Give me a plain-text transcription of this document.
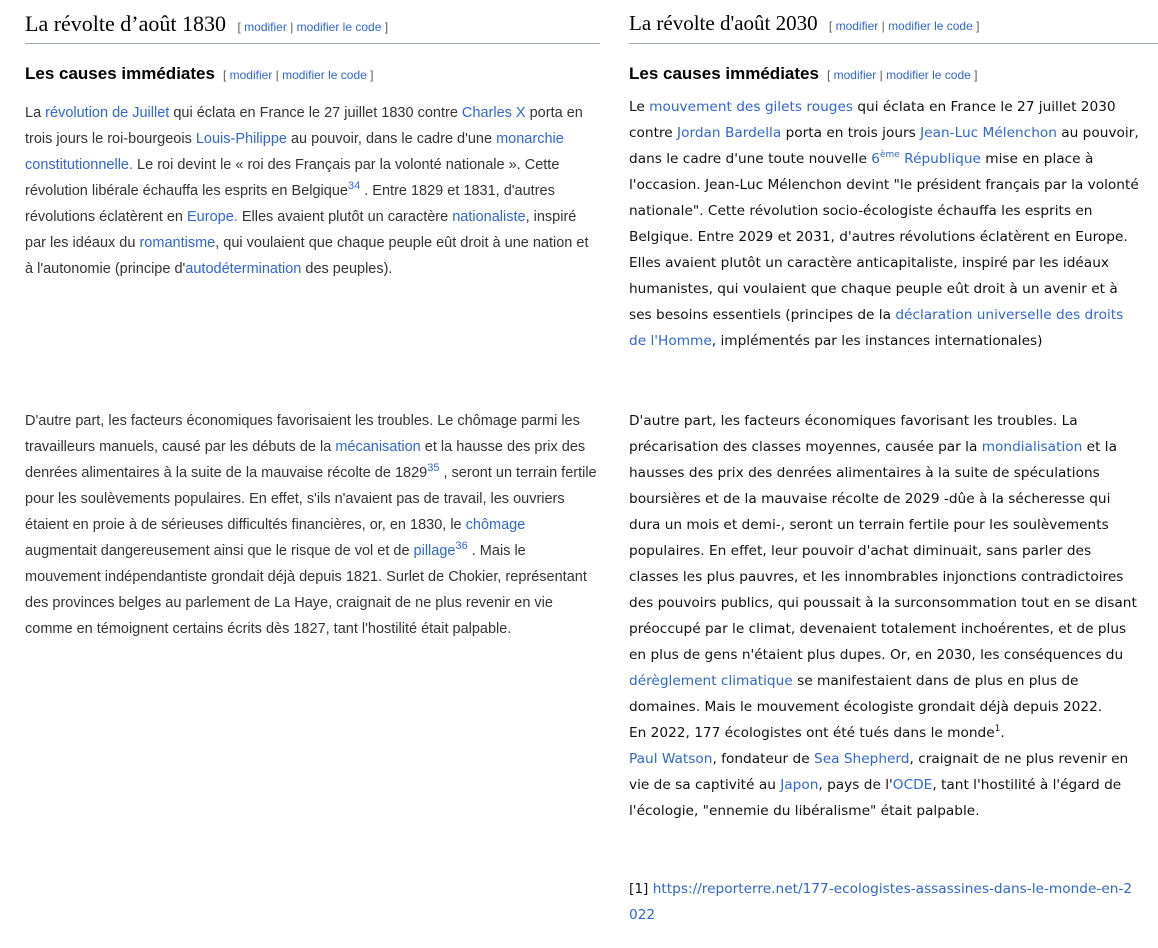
La révolte d’août 1830 [ modifier | modifier le code ]
Les causes immédiates [ modifier | modifier le code ]
La révolution de Juillet qui éclata en France le 27 juillet 1830 contre Charles X porta en trois jours le roi-bourgeois Louis-Philippe au pouvoir, dans le cadre d'une monarchie constitutionnelle. Le roi devint le « roi des Français par la volonté nationale ». Cette révolution libérale échauffa les esprits en Belgique$^{34}$ . Entre 1829 et 1831, d'autres révolutions éclatèrent en Europe. Elles avaient plutôt un caractère nationaliste, inspiré par les idéaux du romantisme, qui voulaient que chaque peuple eût droit à une nation et à l'autonomie (principe d'autodétermination des peuples).
D'autre part, les facteurs économiques favorisaient les troubles. Le chômage parmi les travailleurs manuels, causé par les débuts de la mécanisation et la hausse des prix des denrées alimentaires à la suite de la mauvaise récolte de 1829$^{35}$ , seront un terrain fertile pour les soulèvements populaires. En effet, s'ils n'avaient pas de travail, les ouvriers étaient en proie à de sérieuses difficultés financières, or, en 1830, le chômage augmentait dangereusement ainsi que le risque de vol et de pillage$^{36}$ . Mais le mouvement indépendantiste grondait déjà depuis 1821. Surlet de Chokier, représentant des provinces belges au parlement de La Haye, craignait de ne plus revenir en vie comme en témoignent certains écrits dès 1827, tant l'hostilité était palpable.
La révolte d'août 2030 [ modifier | modifier le code ]
Les causes immédiates [ modifier | modifier le code ]
Le mouvement des gilets rouges qui éclata en France le 27 juillet 2030 contre Jordan Bardella porta en trois jours Jean-Luc Mélenchon au pouvoir, dans le cadre d'une toute nouvelle 6ème République mise en place à l'occasion. Jean-Luc Mélenchon devint "le président français par la volonté nationale". Cette révolution socio-écologiste échauffa les esprits en Belgique. Entre 2029 et 2031, d'autres révolutions éclatèrent en Europe. Elles avaient plutôt un caractère anticapitaliste, inspiré par les idéaux humanistes, qui voulaient que chaque peuple eût droit à un avenir et à ses besoins essentiels (principes de la déclaration universelle des droits de l'Homme, implémentés par les instances internationales)
D'autre part, les facteurs économiques favorisant les troubles. La précarisation des classes moyennes, causée par la mondialisation et la hausses des prix des denrées alimentaires à la suite de spéculations boursières et de la mauvaise récolte de 2029 -dûe à la sécheresse qui dura un mois et demi-, seront un terrain fertile pour les soulèvements populaires. En effet, leur pouvoir d'achat diminuait, sans parler des classes les plus pauvres, et les innombrables injonctions contradictoires des pouvoirs publics, qui poussait à la surconsommation tout en se disant préoccupé par le climat, devenaient totalement inchoérentes, et de plus en plus de gens n'étaient plus dupes. Or, en 2030, les conséquences du dérèglement climatique se manifestaient dans de plus en plus de domaines. Mais le mouvement écologiste grondait déjà depuis 2022.
En 2022, 177 écologistes ont été tués dans le monde$^1$.
Paul Watson, fondateur de Sea Shepherd, craignait de ne plus revenir en vie de sa captivité au Japon, pays de l'OCDE, tant l'hostilité à l'égard de l'écologie, "ennemie du libéralisme" était palpable.
[1] https://reporterre.net/177-ecologistes-assassines-dans-le-monde-en-2022
